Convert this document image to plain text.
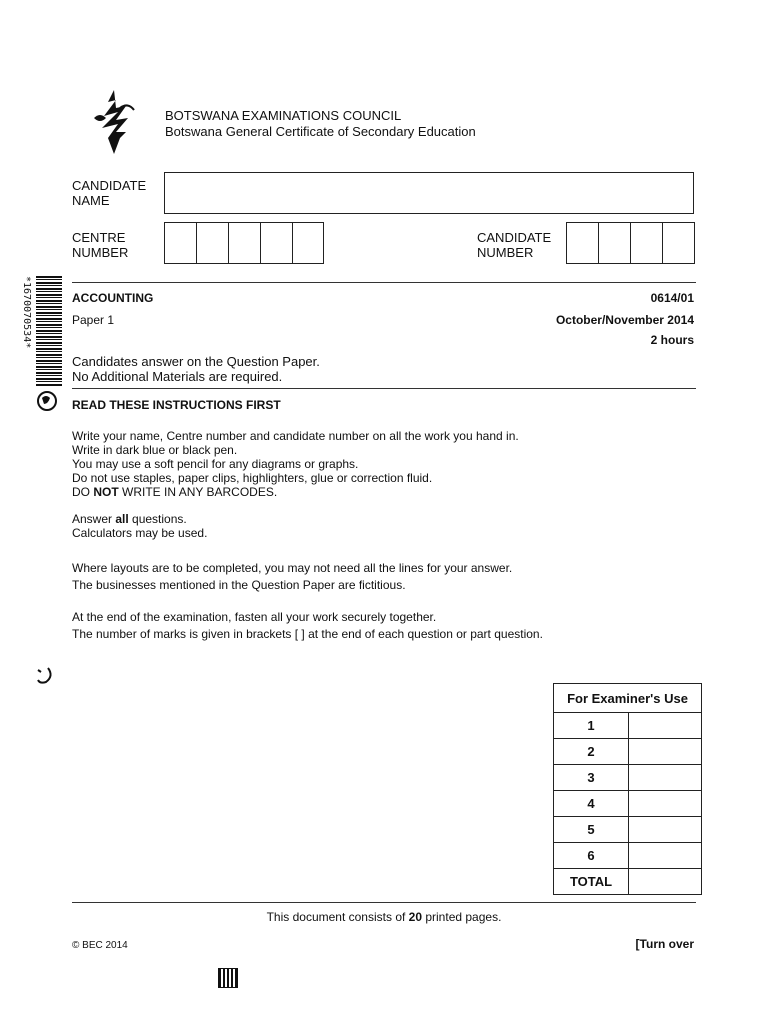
BOTSWANA EXAMINATIONS COUNCIL
Botswana General Certificate of Secondary Education
CANDIDATE
NAME
CENTRE
NUMBER
CANDIDATE
NUMBER
*1670070534*	ACCOUNTING	0614/01
Paper 1	October/November 2014
2 hours
Candidates answer on the Question Paper.
No Additional Materials are required.
READ THESE INSTRUCTIONS FIRST

Write your name, Centre number and candidate number on all the work you hand in.

Write in dark blue or black pen.

You may use a soft pencil for any diagrams or graphs.

Do not use staples, paper clips, highlighters, glue or correction fluid.

DO NOT WRITE IN ANY BARCODES.

Answer all questions.

Calculators may be used.

Where layouts are to be completed, you may not need all the lines for your answer.

The businesses mentioned in the Question Paper are fictitious.

At the end of the examination, fasten all your work securely together.

The number of marks is given in brackets [ ] at the end of each question or part question.

For Examiner's Use	
1	
2	
3	
4	
5	
6	
TOTAL	
This document consists of 20 printed pages.
© BEC 2014	[Turn over
